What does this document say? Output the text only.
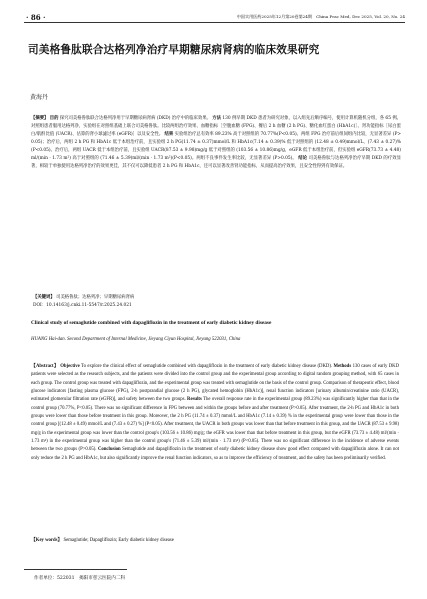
· 86 ·	中国实用医药2025年12月第20卷第24期　China Prac Med, Dec 2025, Vol. 20, No. 24
司美格鲁肽联合达格列净治疗早期糖尿病肾病的临床效果研究
黄海丹
【摘要】 目的 探究司美格鲁肽联合达格列净用于早期糖尿病肾病 (DKD) 治疗中的临床效果。 方法 130 例早期 DKD 患者为研究对象，以入组先后顺序编号，使用计算机随机分组，各 65 例。对照组患者服用达格列净，实验组在对照组基础上联合司美格鲁肽。比较两组治疗效果、血糖指标［空腹血糖 (FPG)、餐后 2 h 血糖 (2 h PG)、糖化血红蛋白 (HbA1c)］、肾功能指标［尿白蛋白/肌酐比值 (UACR)、估算的肾小球滤过率 (eGFR)］以及安全性。 结果 实验组治疗总有效率 89.23% 高于对照组的 70.77%(P<0.05)。两组 FPG 治疗前后组间组内比较，无显著差异 (P>0.05)；治疗后，两组 2 h PG 和 HbA1c 低于本组治疗前，且实验组 2 h PG(11.74 ± 0.37)mmol/L 和 HbA1c(7.14 ± 0.39)% 低于对照组的 (12.48 ± 0.49)mmol/L、(7.43 ± 0.27)%(P<0.05)。治疗后，两组 UACR 低于本组治疗前，且实验组 UACR(87.53 ± 9.98)mg/g 低于对照组的 (103.56 ± 10.86)mg/g，eGFR 低于本组治疗前，但实验组 eGFR(73.73 ± 4.48)ml/(min · 1.73 m²) 高于对照组的 (71.46 ± 5.39)ml/(min · 1.73 m²)(P<0.05)。两组不良事件发生率比较，无显著差异 (P>0.05)。 结论 司美格鲁肽与达格列净治疗早期 DKD 的疗效显著，相较于单独使用达格列净治疗的效果更佳，其不仅可以降低患者 2 h PG 和 HbA1c，还可以显著改善肾功能指标，从而提高治疗效果，且安全性得到有效保证。
【关键词】 司美格鲁肽；达格列净；早期糖尿病肾病
DOI：10.14163/j.cnki.11-5547/r.2025.24.021
Clinical study of semaglutide combined with dapagliflozin in the treatment of early diabetic kidney disease
HUANG Hai-dan. Second Department of Internal Medicine, Jieyang Ciyun Hospital, Jieyang 522031, China
【Abstract】 Objective To explore the clinical effect of semaglutide combined with dapagliflozin in the treatment of early diabetic kidney disease (DKD). Methods 130 cases of early DKD patients were selected as the research subjects, and the patients were divided into the control group and the experimental group according to digital random grouping method, with 65 cases in each group. The control group was treated with dapagliflozin, and the experimental group was treated with semaglutide on the basis of the control group. Comparison of therapeutic effect, blood glucose indicators [fasting plasma glucose (FPG), 2-h postprandial glucose (2 h PG), glycated hemoglobin (HbA1c)], renal function indicators [urinary albumin/creatinine ratio (UACR), estimated glomerular filtration rate (eGFR)], and safety between the two groups. Results The overall response rate in the experimental group (89.23%) was significantly higher than that in the control group (70.77%, P<0.05). There was no significant difference in FPG between and within the groups before and after treatment (P>0.05). After treatment, the 2-h PG and HbA1c in both groups were lower than those before treatment in this group. Moreover, the 2 h PG (11.74 ± 0.37) mmol/L and HbA1c (7.14 ± 0.39) % in the experimental group were lower than those in the control group [(12.48 ± 0.49) mmol/L and (7.43 ± 0.27) %] (P<0.05). After treatment, the UACR in both groups was lower than that before treatment in this group, and the UACR (87.53 ± 9.98) mg/g in the experimental group was lower than the control group's (103.56 ± 10.86) mg/g; the eGFR was lower than that before treatment in this group, but the eGFR (73.73 ± 4.48) ml/(min · 1.73 m²) in the experimental group was higher than the control group's (71.46 ± 5.39) ml/(min · 1.73 m²) (P<0.05). There was no significant difference in the incidence of adverse events between the two groups (P>0.05). Conclusion Semaglutide and dapagliflozin in the treatment of early diabetic kidney disease show good effect compared with dapagliflozin alone. It can not only reduce the 2 h PG and HbA1c, but also significantly improve the renal function indicators, so as to improve the efficiency of treatment, and the safety has been preliminarily verified.
【Key words】 Semaglutide; Dapagliflozin; Early diabetic kidney disease
作者单位：522031　揭阳市慈云医院内二科
